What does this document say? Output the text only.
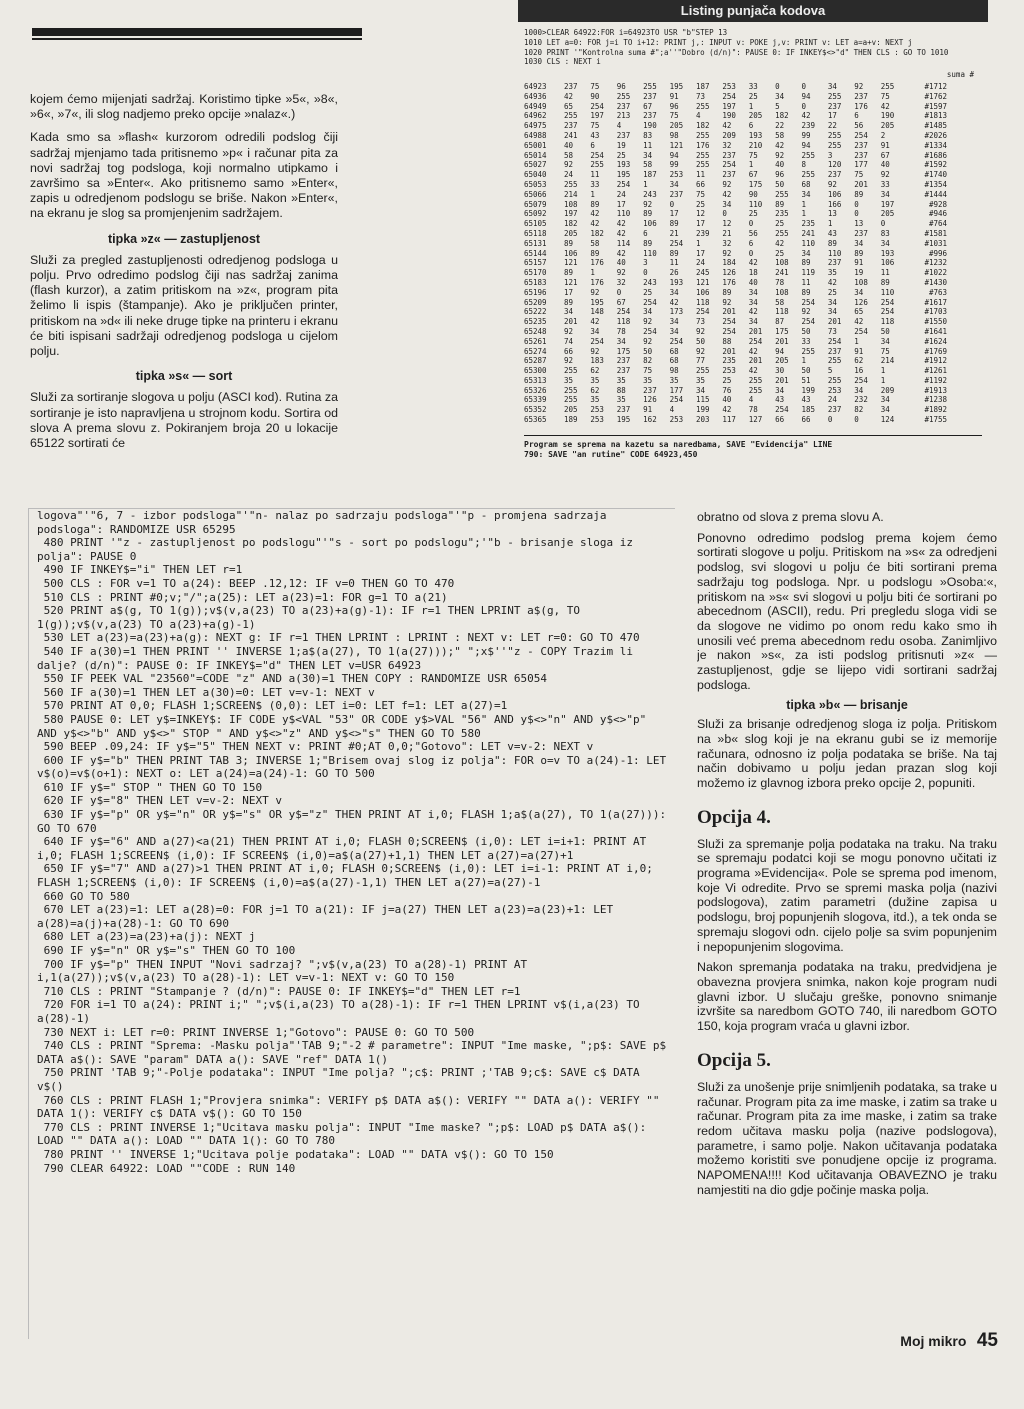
kojem ćemo mijenjati sadržaj. Koristimo tipke »5«, »8«, »6«, »7«, ili slog nadjemo preko opcije »nalaz«.)

Kada smo sa »flash« kurzorom odredili podslog čiji sadržaj mjenjamo tada pritisnemo »p« i računar pita za novi sadržaj tog podsloga, koji normalno utipkamo i završimo sa »Enter«. Ako pritisnemo samo »Enter«, zapis u odredjenom podslogu se briše. Nakon »Enter«, na ekranu je slog sa promjenjenim sadržajem.

tipka »z« — zastupljenost

Služi za pregled zastupljenosti odredjenog podsloga u polju. Prvo odredimo podslog čiji nas sadržaj zanima (flash kurzor), a zatim pritiskom na »z«, program pita želimo li ispis (štampanje). Ako je priključen printer, pritiskom na »d« ili neke druge tipke na printeru i ekranu će biti ispisani sadržaji odredjenog podsloga u cijelom polju.

tipka »s« — sort

Služi za sortiranje slogova u polju (ASCI kod). Rutina za sortiranje je isto napravljena u strojnom kodu. Sortira od slova A prema slovu z. Pokiranjem broja 20 u lokacije 65122 sortirati će

Listing punjača kodova
1000>CLEAR 64922:FOR i=64923TO USR "b"STEP 13
1010 LET a=0: FOR j=i TO i+12: PRINT j,: INPUT v: POKE j,v: PRINT v: LET a=a+v: NEXT j
1020 PRINT '"Kontrolna suma #";a''"Dobro (d/n)": PAUSE 0: IF INKEY$<>"d" THEN CLS : GO TO 1010
1030 CLS : NEXT i
suma #
64923	237	75	96	255	195	187	253	33	0	0	34	92	255	#1712
64936	42	90	255	237	91	73	254	25	34	94	255	237	75	#1762
64949	65	254	237	67	96	255	197	1	5	0	237	176	42	#1597
64962	255	197	213	237	75	4	190	205	182	42	17	6	190	#1813
64975	237	75	4	190	205	182	42	6	22	239	22	56	205	#1485
64988	241	43	237	83	98	255	209	193	58	99	255	254	2	#2026
65001	40	6	19	11	121	176	32	210	42	94	255	237	91	#1334
65014	58	254	25	34	94	255	237	75	92	255	3	237	67	#1686
65027	92	255	193	58	99	255	254	1	40	8	120	177	40	#1592
65040	24	11	195	187	253	11	237	67	96	255	237	75	92	#1740
65053	255	33	254	1	34	66	92	175	50	68	92	201	33	#1354
65066	214	1	24	243	237	75	42	90	255	34	106	89	34	#1444
65079	108	89	17	92	0	25	34	110	89	1	166	0	197	#928
65092	197	42	110	89	17	12	0	25	235	1	13	0	205	#946
65105	182	42	42	106	89	17	12	0	25	235	1	13	0	#764
65118	205	182	42	6	21	239	21	56	255	241	43	237	83	#1581
65131	89	58	114	89	254	1	32	6	42	110	89	34	34	#1031
65144	106	89	42	110	89	17	92	0	25	34	110	89	193	#996
65157	121	176	40	3	11	24	184	42	108	89	237	91	106	#1232
65170	89	1	92	0	26	245	126	18	241	119	35	19	11	#1022
65183	121	176	32	243	193	121	176	40	78	11	42	108	89	#1430
65196	17	92	0	25	34	106	89	34	108	89	25	34	110	#763
65209	89	195	67	254	42	118	92	34	58	254	34	126	254	#1617
65222	34	148	254	34	173	254	201	42	118	92	34	65	254	#1703
65235	201	42	118	92	34	73	254	34	87	254	201	42	118	#1550
65248	92	34	78	254	34	92	254	201	175	50	73	254	50	#1641
65261	74	254	34	92	254	50	88	254	201	33	254	1	34	#1624
65274	66	92	175	50	68	92	201	42	94	255	237	91	75	#1769
65287	92	183	237	82	68	77	235	201	205	1	255	62	214	#1912
65300	255	62	237	75	98	255	253	42	30	50	5	16	1	#1261
65313	35	35	35	35	35	35	25	255	201	51	255	254	1	#1192
65326	255	62	88	237	177	34	76	255	34	199	253	34	209	#1913
65339	255	35	35	126	254	115	40	4	43	43	24	232	34	#1238
65352	205	253	237	91	4	199	42	78	254	185	237	82	34	#1892
65365	189	253	195	162	253	203	117	127	66	66	0	0	124	#1755
Program se sprema na kazetu sa naredbama, SAVE "Evidencija" LINE
790: SAVE "an rutine" CODE 64923,450
logova"'"6, 7 - izbor podsloga"'"n- nalaz po sadrzaju podsloga"'"p - promjena sadrzaja podsloga": RANDOMIZE USR 65295
480 PRINT '"z - zastupljenost po podslogu"'"s - sort po podslogu";'"b - brisanje sloga iz polja": PAUSE 0
490 IF INKEY$="i" THEN LET r=1
500 CLS : FOR v=1 TO a(24): BEEP .12,12: IF v=0 THEN GO TO 470
510 CLS : PRINT #0;v;"/";a(25): LET a(23)=1: FOR g=1 TO a(21)
520 PRINT a$(g, TO 1(g));v$(v,a(23) TO a(23)+a(g)-1): IF r=1 THEN LPRINT a$(g, TO 1(g));v$(v,a(23) TO a(23)+a(g)-1)
530 LET a(23)=a(23)+a(g): NEXT g: IF r=1 THEN LPRINT : LPRINT : NEXT v: LET r=0: GO TO 470
540 IF a(30)=1 THEN PRINT '' INVERSE 1;a$(a(27), TO 1(a(27)));" ";x$''"z - COPY Trazim li dalje? (d/n)": PAUSE 0: IF INKEY$="d" THEN LET v=USR 64923
550 IF PEEK VAL "23560"=CODE "z" AND a(30)=1 THEN COPY : RANDOMIZE USR 65054
560 IF a(30)=1 THEN LET a(30)=0: LET v=v-1: NEXT v
570 PRINT AT 0,0; FLASH 1;SCREEN$ (0,0): LET i=0: LET f=1: LET a(27)=1
580 PAUSE 0: LET y$=INKEY$: IF CODE y$<VAL "53" OR CODE y$>VAL "56" AND y$<>"n" AND y$<>"p" AND y$<>"b" AND y$<>" STOP " AND y$<>"z" AND y$<>"s" THEN GO TO 580
590 BEEP .09,24: IF y$="5" THEN NEXT v: PRINT #0;AT 0,0;"Gotovo": LET v=v-2: NEXT v
600 IF y$="b" THEN PRINT TAB 3; INVERSE 1;"Brisem ovaj slog iz polja": FOR o=v TO a(24)-1: LET v$(o)=v$(o+1): NEXT o: LET a(24)=a(24)-1: GO TO 500
610 IF y$=" STOP " THEN GO TO 150
620 IF y$="8" THEN LET v=v-2: NEXT v
630 IF y$="p" OR y$="n" OR y$="s" OR y$="z" THEN PRINT AT i,0; FLASH 1;a$(a(27), TO 1(a(27))): GO TO 670
640 IF y$="6" AND a(27)<a(21) THEN PRINT AT i,0; FLASH 0;SCREEN$ (i,0): LET i=i+1: PRINT AT i,0; FLASH 1;SCREEN$ (i,0): IF SCREEN$ (i,0)=a$(a(27)+1,1) THEN LET a(27)=a(27)+1
650 IF y$="7" AND a(27)>1 THEN PRINT AT i,0; FLASH 0;SCREEN$ (i,0): LET i=i-1: PRINT AT i,0; FLASH 1;SCREEN$ (i,0): IF SCREEN$ (i,0)=a$(a(27)-1,1) THEN LET a(27)=a(27)-1
660 GO TO 580
670 LET a(23)=1: LET a(28)=0: FOR j=1 TO a(21): IF j=a(27) THEN LET a(23)=a(23)+1: LET a(28)=a(j)+a(28)-1: GO TO 690
680 LET a(23)=a(23)+a(j): NEXT j
690 IF y$="n" OR y$="s" THEN GO TO 100
700 IF y$="p" THEN INPUT "Novi sadrzaj? ";v$(v,a(23) TO a(28)-1) PRINT AT i,1(a(27));v$(v,a(23) TO a(28)-1): LET v=v-1: NEXT v: GO TO 150
710 CLS : PRINT "Stampanje ? (d/n)": PAUSE 0: IF INKEY$="d" THEN LET r=1
720 FOR i=1 TO a(24): PRINT i;" ";v$(i,a(23) TO a(28)-1): IF r=1 THEN LPRINT v$(i,a(23) TO a(28)-1)
730 NEXT i: LET r=0: PRINT INVERSE 1;"Gotovo": PAUSE 0: GO TO 500
740 CLS : PRINT "Sprema: -Masku polja"'TAB 9;"-2 # parametre": INPUT "Ime maske, ";p$: SAVE p$ DATA a$(): SAVE "param" DATA a(): SAVE "ref" DATA 1()
750 PRINT 'TAB 9;"-Polje podataka": INPUT "Ime polja? ";c$: PRINT ;'TAB 9;c$: SAVE c$ DATA v$()
760 CLS : PRINT FLASH 1;"Provjera snimka": VERIFY p$ DATA a$(): VERIFY "" DATA a(): VERIFY "" DATA 1(): VERIFY c$ DATA v$(): GO TO 150
770 CLS : PRINT INVERSE 1;"Ucitava masku polja": INPUT "Ime maske? ";p$: LOAD p$ DATA a$(): LOAD "" DATA a(): LOAD "" DATA 1(): GO TO 780
780 PRINT '' INVERSE 1;"Ucitava polje podataka": LOAD "" DATA v$(): GO TO 150
790 CLEAR 64922: LOAD ""CODE : RUN 140

obratno od slova z prema slovu A.

Ponovno odredimo podslog prema kojem ćemo sortirati slogove u polju. Pritiskom na »s« za odredjeni podslog, svi slogovi u polju će biti sortirani prema sadržaju tog podsloga. Npr. u podslogu »Osoba:«, pritiskom na »s« svi slogovi u polju biti će sortirani po abecednom (ASCII), redu. Pri pregledu sloga vidi se da slogove ne vidimo po onom redu kako smo ih unosili već prema abecednom redu osoba. Zanimljivo je nakon »s«, za isti podslog pritisnuti »z« — zastupljenost, gdje se lijepo vidi sortirani sadržaj podsloga.

tipka »b« — brisanje

Služi za brisanje odredjenog sloga iz polja. Pritiskom na »b« slog koji je na ekranu gubi se iz memorije računara, odnosno iz polja podataka se briše. Na taj način dobivamo u polju jedan prazan slog koji možemo iz glavnog izbora preko opcije 2, popuniti.

Opcija 4.

Služi za spremanje polja podataka na traku. Na traku se spremaju podatci koji se mogu ponovno učitati iz programa »Evidencija«. Pole se sprema pod imenom, koje Vi odredite. Prvo se spremi maska polja (nazivi podslogova), zatim parametri (dužine zapisa u podslogu, broj popunjenih slogova, itd.), a tek onda se spremaju slogovi odn. cijelo polje sa svim popunjenim i nepopunjenim slogovima.

Nakon spremanja podataka na traku, predvidjena je obavezna provjera snimka, nakon koje program nudi glavni izbor. U slučaju greške, ponovno snimanje izvršite sa naredbom GOTO 740, ili naredbom GOTO 150, koja program vraća u glavni izbor.

Opcija 5.

Služi za unošenje prije snimljenih podataka, sa trake u računar. Program pita za ime maske, i zatim sa trake u računar. Program pita za ime maske, i zatim sa trake redom učitava masku polja (nazive podslogova), parametre, i samo polje. Nakon učitavanja podataka možemo koristiti sve ponudjene opcije iz programa. NAPOMENA!!!! Kod učitavanja OBAVEZNO je traku namjestiti na dio gdje počinje maska polja.

Moj mikro 45
